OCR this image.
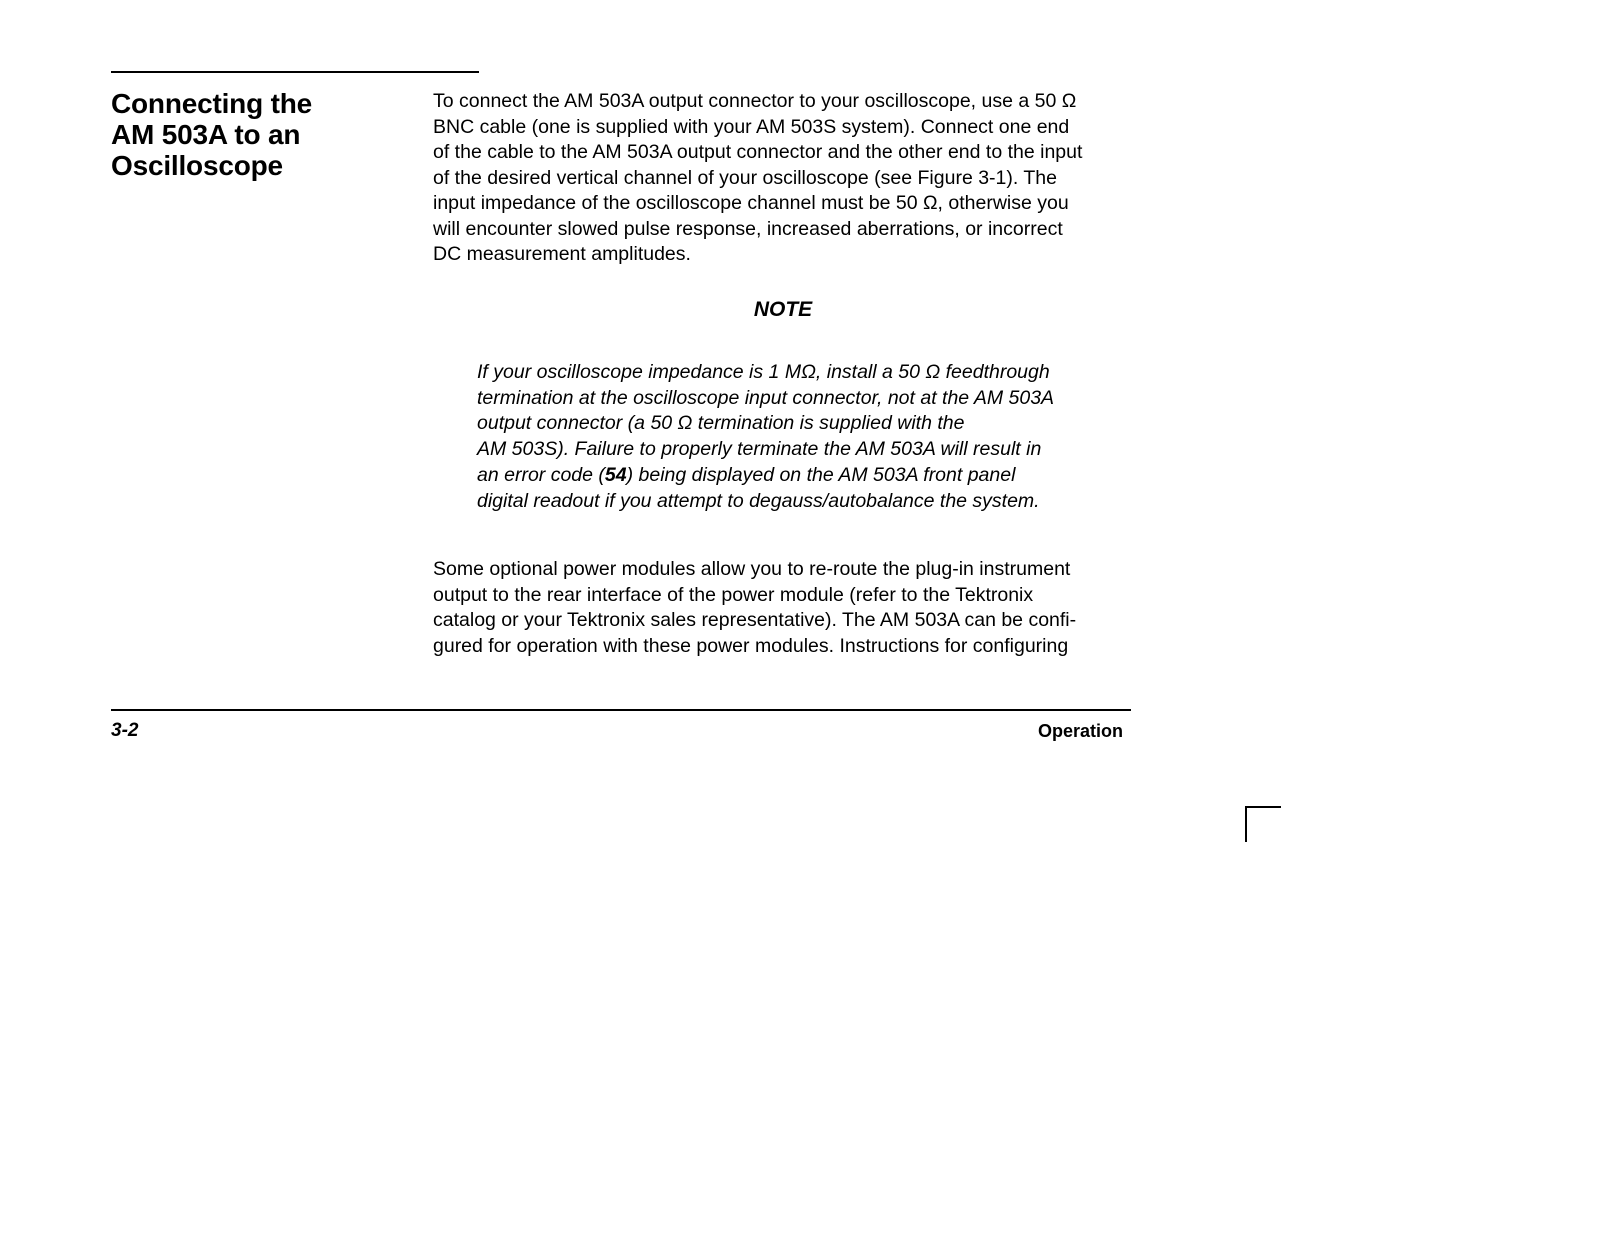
Connecting the
AM 503A to an
Oscilloscope

To connect the AM 503A output connector to your oscilloscope, use a 50 Ω
BNC cable (one is supplied with your AM 503S system). Connect one end
of the cable to the AM 503A output connector and the other end to the input
of the desired vertical channel of your oscilloscope (see Figure 3-1). The
input impedance of the oscilloscope channel must be 50 Ω, otherwise you
will encounter slowed pulse response, increased aberrations, or incorrect
DC measurement amplitudes.

NOTE

If your oscilloscope impedance is 1 MΩ, install a 50 Ω feedthrough
termination at the oscilloscope input connector, not at the AM 503A
output connector (a 50 Ω termination is supplied with the
AM 503S). Failure to properly terminate the AM 503A will result in
an error code (54) being displayed on the AM 503A front panel
digital readout if you attempt to degauss/autobalance the system.

Some optional power modules allow you to re-route the plug-in instrument
output to the rear interface of the power module (refer to the Tektronix
catalog or your Tektronix sales representative). The AM 503A can be confi-
gured for operation with these power modules. Instructions for configuring

3-2	Operation
